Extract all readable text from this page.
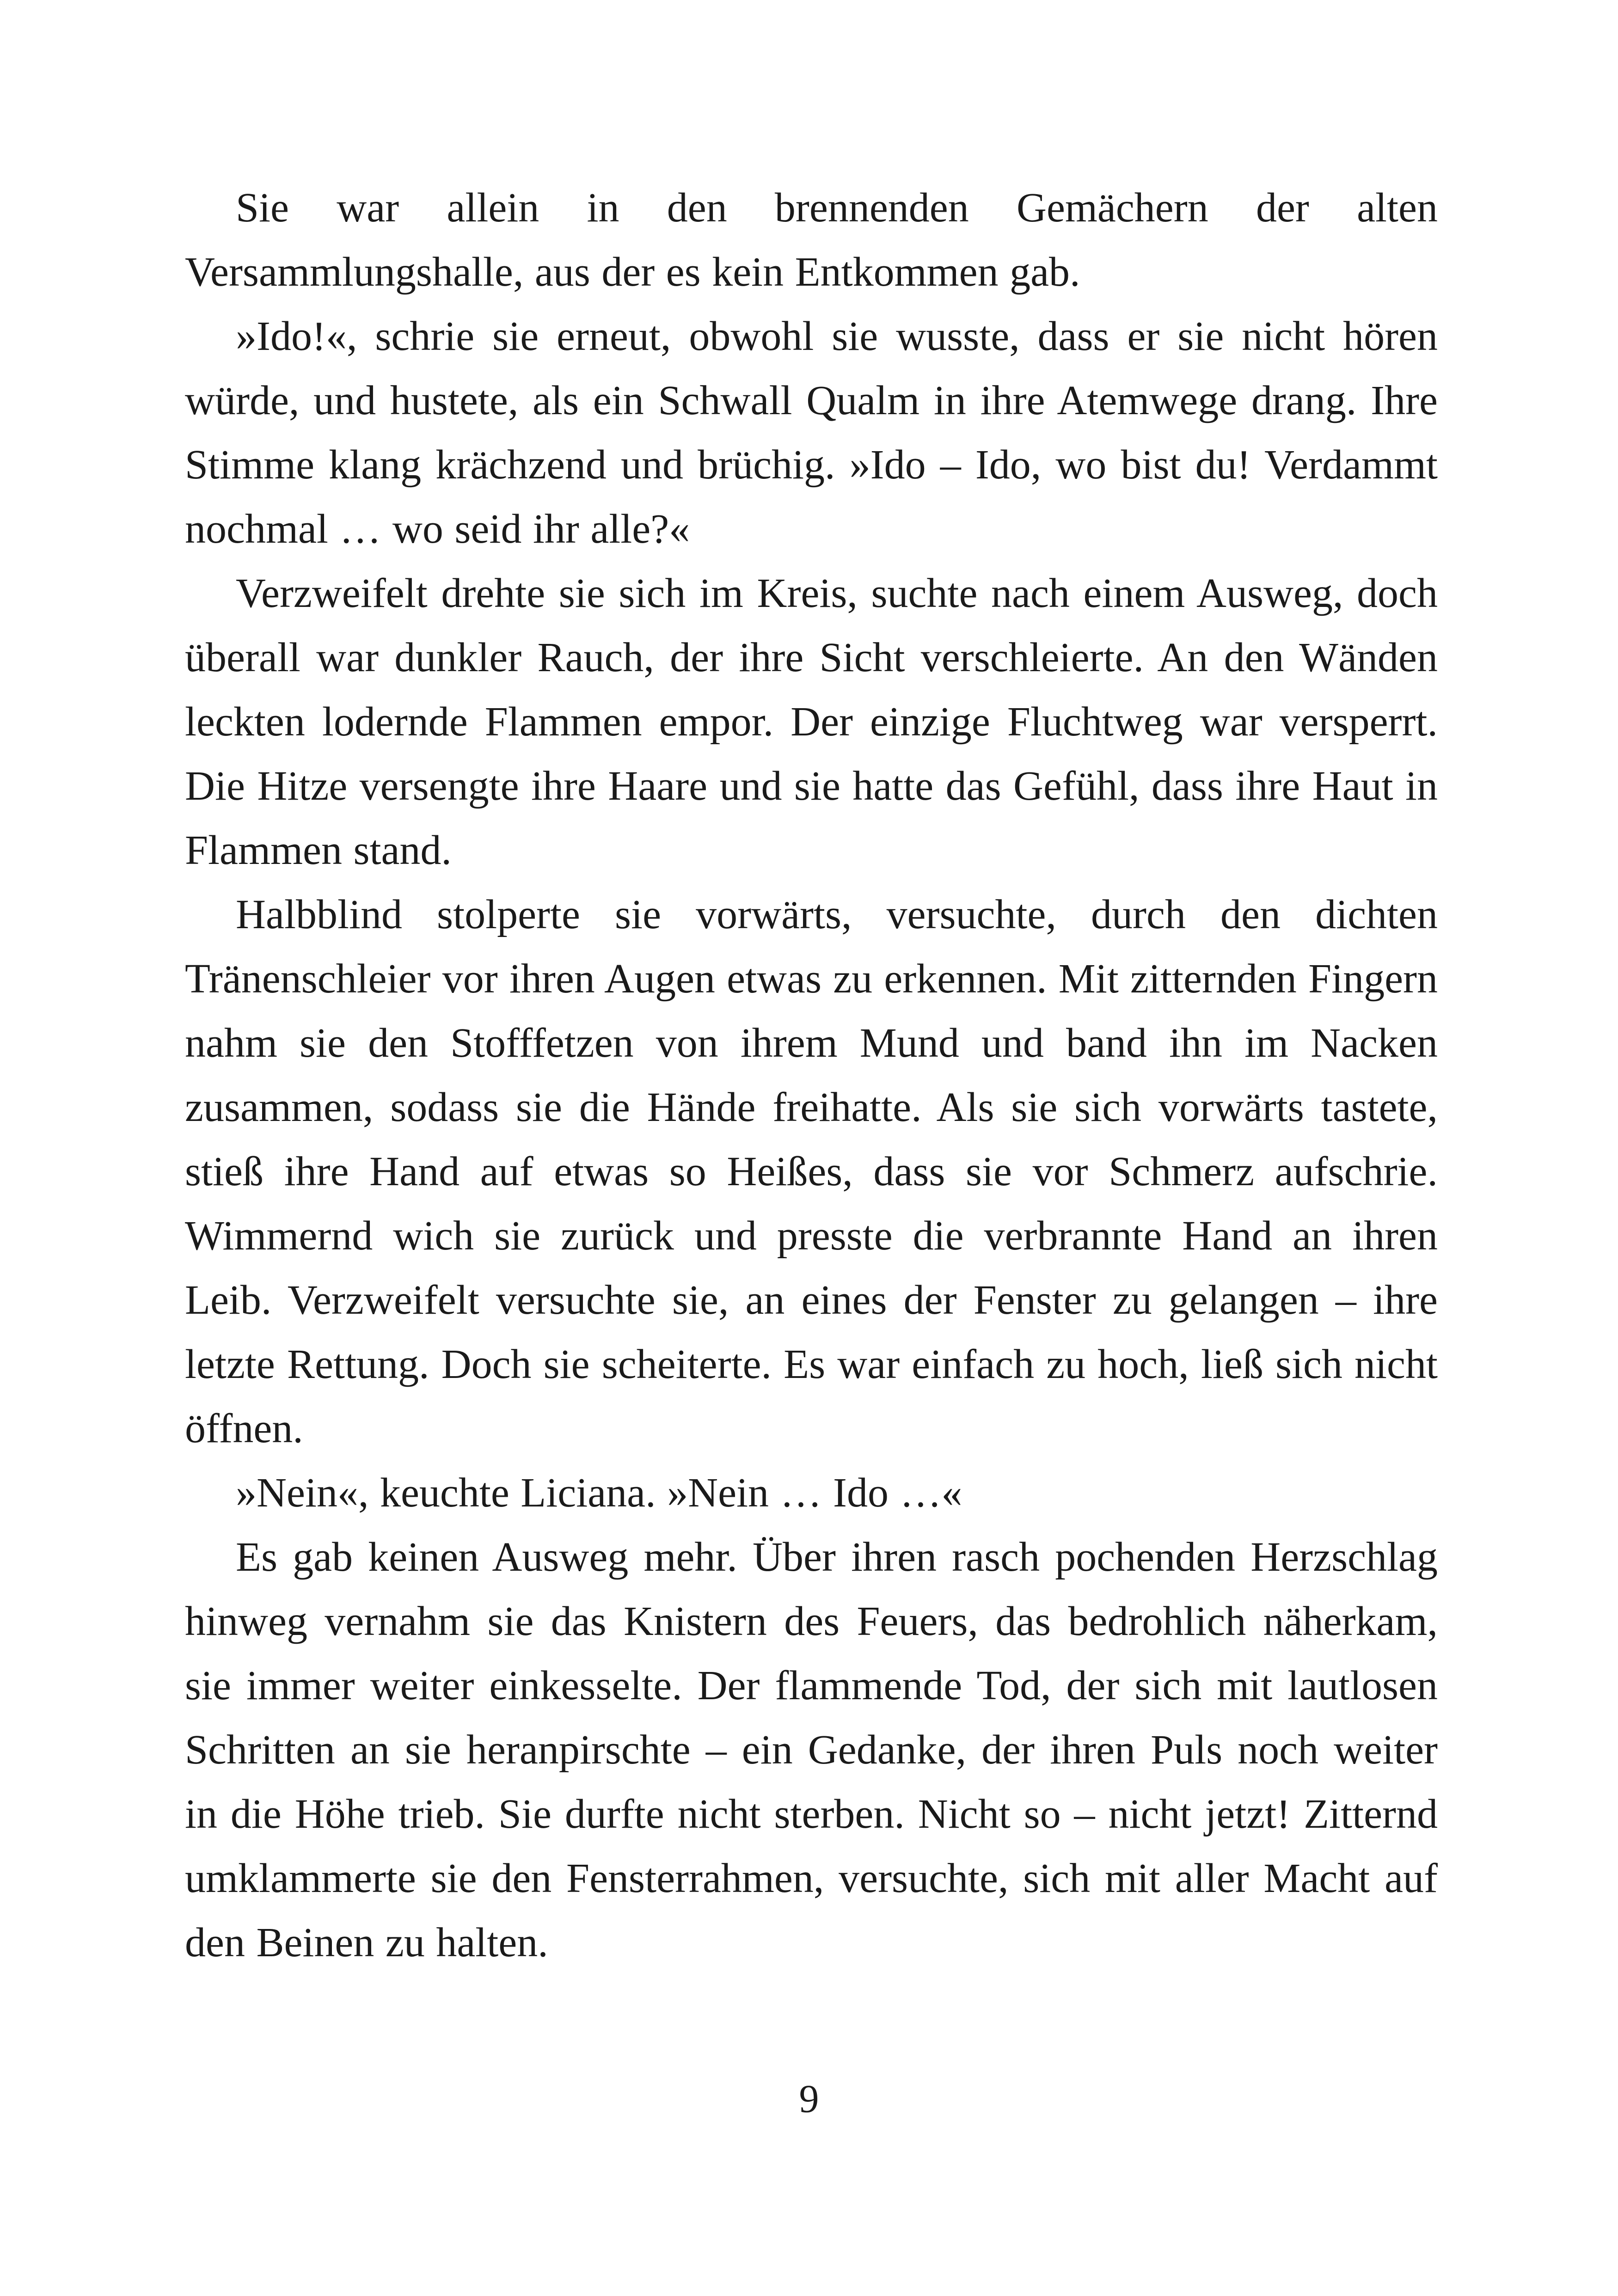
Sie war allein in den brennenden Gemächern der alten Versammlungshalle, aus der es kein Entkommen gab.

»Ido!«, schrie sie erneut, obwohl sie wusste, dass er sie nicht hören würde, und hustete, als ein Schwall Qualm in ihre Atemwege drang. Ihre Stimme klang krächzend und brüchig. »Ido – Ido, wo bist du! Verdammt nochmal … wo seid ihr alle?«

Verzweifelt drehte sie sich im Kreis, suchte nach einem Ausweg, doch überall war dunkler Rauch, der ihre Sicht verschleierte. An den Wänden leckten lodernde Flammen empor. Der einzige Fluchtweg war versperrt. Die Hitze versengte ihre Haare und sie hatte das Gefühl, dass ihre Haut in Flammen stand.

Halbblind stolperte sie vorwärts, versuchte, durch den dichten Tränenschleier vor ihren Augen etwas zu erkennen. Mit zitternden Fingern nahm sie den Stofffetzen von ihrem Mund und band ihn im Nacken zusammen, sodass sie die Hände freihatte. Als sie sich vorwärts tastete, stieß ihre Hand auf etwas so Heißes, dass sie vor Schmerz aufschrie. Wimmernd wich sie zurück und presste die verbrannte Hand an ihren Leib. Verzweifelt versuchte sie, an eines der Fenster zu gelangen – ihre letzte Rettung. Doch sie scheiterte. Es war einfach zu hoch, ließ sich nicht öffnen.

»Nein«, keuchte Liciana. »Nein … Ido …«

Es gab keinen Ausweg mehr. Über ihren rasch pochenden Herzschlag hinweg vernahm sie das Knistern des Feuers, das bedrohlich näherkam, sie immer weiter einkesselte. Der flammende Tod, der sich mit lautlosen Schritten an sie heranpirschte – ein Gedanke, der ihren Puls noch weiter in die Höhe trieb. Sie durfte nicht sterben. Nicht so – nicht jetzt! Zitternd umklammerte sie den Fensterrahmen, versuchte, sich mit aller Macht auf den Beinen zu halten.

9
